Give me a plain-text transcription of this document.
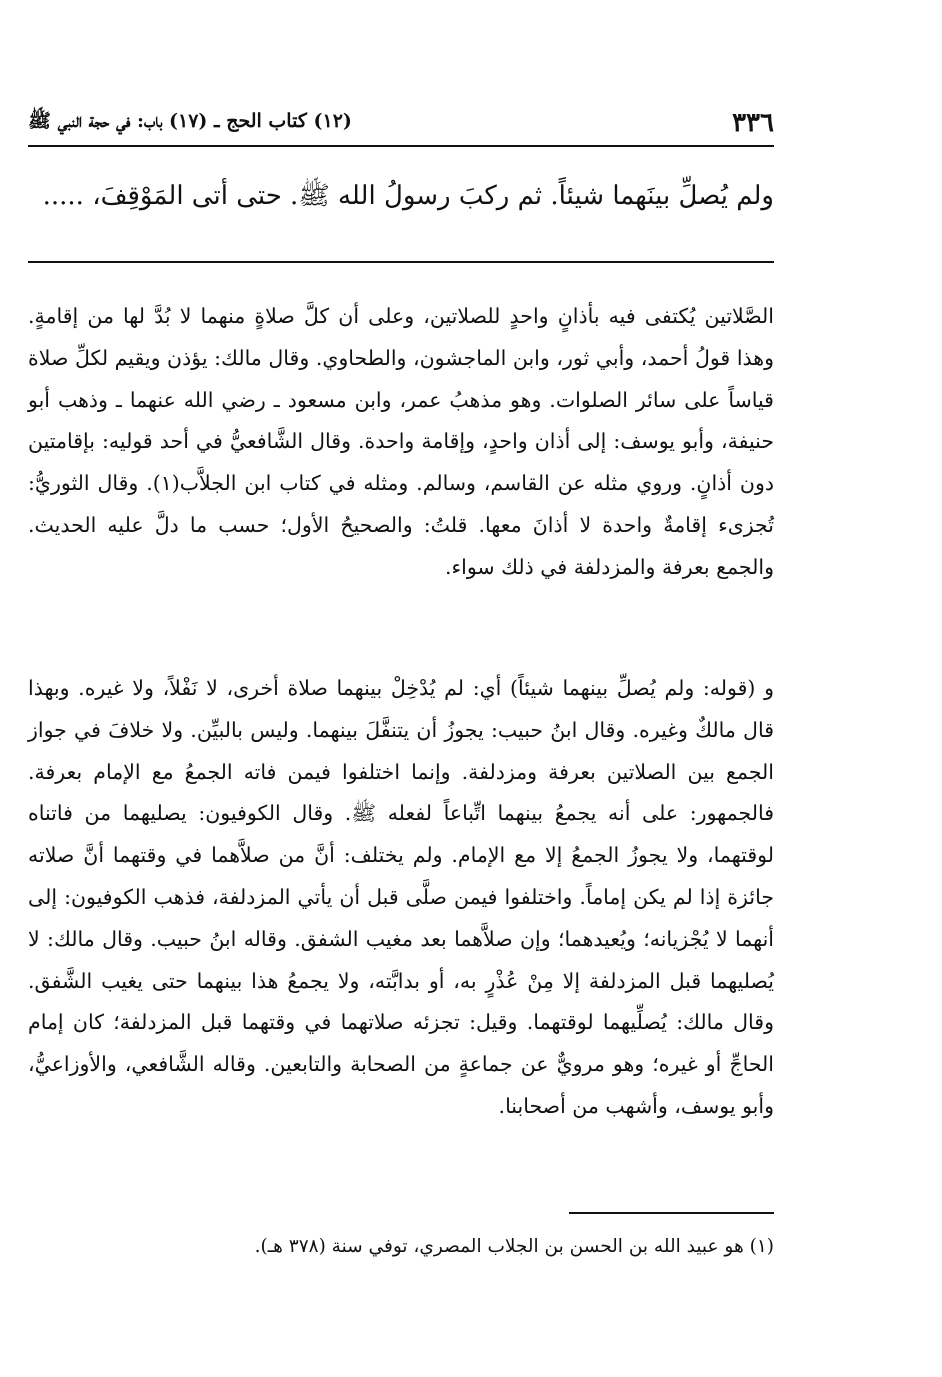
٣٣٦
(١٢) كتاب الحج ـ (١٧) باب: في حجة النبي ﷺ
ولم يُصلِّ بينَهما شيئاً. ثم ركبَ رسولُ الله ﷺ. حتى أتى المَوْقِفَ، .....

الصَّلاتين يُكتفى فيه بأذانٍ واحدٍ للصلاتين، وعلى أن كلَّ صلاةٍ منهما لا بُدَّ لها من إقامةٍ. وهذا قولُ أحمد، وأبي ثور، وابن الماجشون، والطحاوي. وقال مالك: يؤذن ويقيم لكلِّ صلاة قياساً على سائر الصلوات. وهو مذهبُ عمر، وابن مسعود ـ رضي الله عنهما ـ وذهب أبو حنيفة، وأبو يوسف: إلى أذان واحدٍ، وإقامة واحدة. وقال الشَّافعيُّ في أحد قوليه: بإقامتين دون أذانٍ. وروي مثله عن القاسم، وسالم. ومثله في كتاب ابن الجلاَّب(١). وقال الثوريُّ: تُجزىء إقامةٌ واحدة لا أذانَ معها. قلتُ: والصحيحُ الأول؛ حسب ما دلَّ عليه الحديث. والجمع بعرفة والمزدلفة في ذلك سواء.

و (قوله: ولم يُصلِّ بينهما شيئاً) أي: لم يُدْخِلْ بينهما صلاة أخرى، لا نَفْلاً، ولا غيره. وبهذا قال مالكٌ وغيره. وقال ابنُ حبيب: يجوزُ أن يتنفَّلَ بينهما. وليس بالبيِّن. ولا خلافَ في جواز الجمع بين الصلاتين بعرفة ومزدلفة. وإنما اختلفوا فيمن فاته الجمعُ مع الإمام بعرفة. فالجمهور: على أنه يجمعُ بينهما اتِّباعاً لفعله ﷺ. وقال الكوفيون: يصليهما من فاتناه لوقتهما، ولا يجوزُ الجمعُ إلا مع الإمام. ولم يختلف: أنَّ من صلاَّهما في وقتهما أنَّ صلاته جائزة إذا لم يكن إماماً. واختلفوا فيمن صلَّى قبل أن يأتي المزدلفة، فذهب الكوفيون: إلى أنهما لا يُجْزيانه؛ ويُعيدهما؛ وإن صلاَّهما بعد مغيب الشفق. وقاله ابنُ حبيب. وقال مالك: لا يُصليهما قبل المزدلفة إلا مِنْ عُذْرٍ به، أو بدابَّته، ولا يجمعُ هذا بينهما حتى يغيب الشَّفق. وقال مالك: يُصلِّيهما لوقتهما. وقيل: تجزئه صلاتهما في وقتهما قبل المزدلفة؛ كان إمام الحاجِّ أو غيره؛ وهو مرويٌّ عن جماعةٍ من الصحابة والتابعين. وقاله الشَّافعي، والأوزاعيُّ، وأبو يوسف، وأشهب من أصحابنا.

(١) هو عبيد الله بن الحسن بن الجلاب المصري، توفي سنة (٣٧٨ هـ).
